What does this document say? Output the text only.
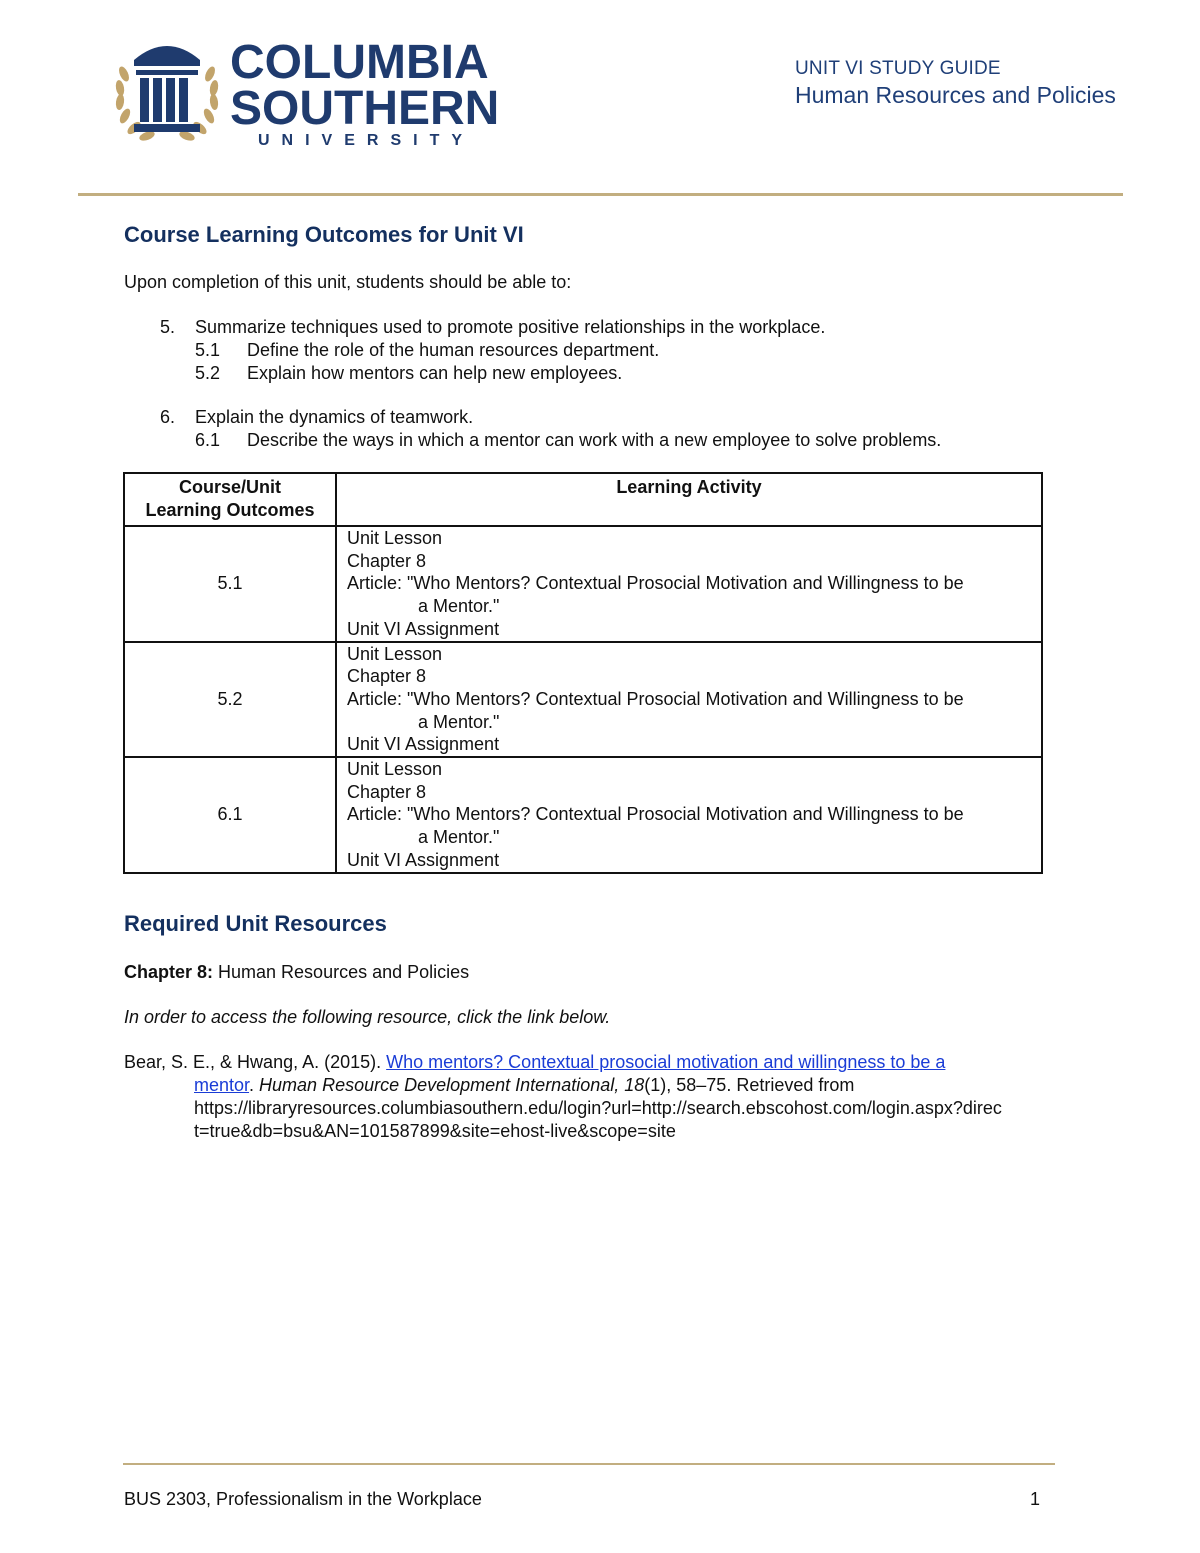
COLUMBIA
SOUTHERN
UNIVERSITY
UNIT VI STUDY GUIDE
Human Resources and Policies
Course Learning Outcomes for Unit VI
Upon completion of this unit, students should be able to:
5. Summarize techniques used to promote positive relationships in the workplace.
5.1 Define the role of the human resources department.
5.2 Explain how mentors can help new employees.
6. Explain the dynamics of teamwork.
6.1 Describe the ways in which a mentor can work with a new employee to solve problems.
Course/Unit
Learning Outcomes	Learning Activity
5.1	Unit Lesson
Chapter 8
Article: "Who Mentors? Contextual Prosocial Motivation and Willingness to be
a Mentor."
Unit VI Assignment

5.2	Unit Lesson
Chapter 8
Article: "Who Mentors? Contextual Prosocial Motivation and Willingness to be
a Mentor."
Unit VI Assignment

6.1	Unit Lesson
Chapter 8
Article: "Who Mentors? Contextual Prosocial Motivation and Willingness to be
a Mentor."
Unit VI Assignment
Required Unit Resources
Chapter 8: Human Resources and Policies
In order to access the following resource, click the link below.
Bear, S. E., & Hwang, A. (2015). Who mentors? Contextual prosocial motivation and willingness to be a
mentor. Human Resource Development International, 18(1), 58–75. Retrieved from
https://libraryresources.columbiasouthern.edu/login?url=http://search.ebscohost.com/login.aspx?direc
t=true&db=bsu&AN=101587899&site=ehost-live&scope=site
BUS 2303, Professionalism in the Workplace	1
